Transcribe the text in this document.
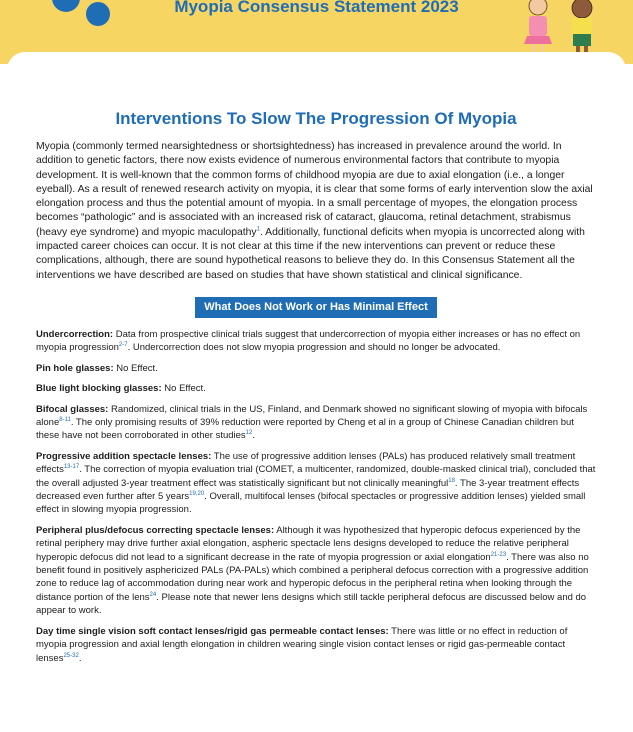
Myopia Consensus Statement 2023
Interventions To Slow The Progression Of Myopia

Myopia (commonly termed nearsightedness or shortsightedness) has increased in prevalence around the world. In addition to genetic factors, there now exists evidence of numerous environmental factors that contribute to myopia development. It is well-known that the common forms of childhood myopia are due to axial elongation (i.e., a longer eyeball). As a result of renewed research activity on myopia, it is clear that some forms of early intervention slow the axial elongation process and thus the potential amount of myopia. In a small percentage of myopes, the elongation process becomes “pathologic” and is associated with an increased risk of cataract, glaucoma, retinal detachment, strabismus (heavy eye syndrome) and myopic maculopathy$^1$. Additionally, functional deficits when myopia is uncorrected along with impacted career choices can occur. It is not clear at this time if the new interventions can prevent or reduce these complications, although, there are sound hypothetical reasons to believe they do. In this Consensus Statement all the interventions we have described are based on studies that have shown statistical and clinical significance.

What Does Not Work or Has Minimal Effect

Undercorrection: Data from prospective clinical trials suggest that undercorrection of myopia either increases or has no effect on myopia progression$^{2-7}$. Undercorrection does not slow myopia progression and should no longer be advocated.

Pin hole glasses: No Effect.

Blue light blocking glasses: No Effect.

Bifocal glasses: Randomized, clinical trials in the US, Finland, and Denmark showed no significant slowing of myopia with bifocals alone$^{8-11}$. The only promising results of 39% reduction were reported by Cheng et al in a group of Chinese Canadian children but these have not been corroborated in other studies$^{12}$.

Progressive addition spectacle lenses: The use of progressive addition lenses (PALs) has produced relatively small treatment effects$^{13-17}$. The correction of myopia evaluation trial (COMET, a multicenter, randomized, double-masked clinical trial), concluded that the overall adjusted 3-year treatment effect was statistically significant but not clinically meaningful$^{18}$. The 3-year treatment effects decreased even further after 5 years$^{19,20}$. Overall, multifocal lenses (bifocal spectacles or progressive addition lenses) yielded small effect in slowing myopia progression.

Peripheral plus/defocus correcting spectacle lenses: Although it was hypothesized that hyperopic defocus experienced by the retinal periphery may drive further axial elongation, aspheric spectacle lens designs developed to reduce the relative peripheral hyperopic defocus did not lead to a significant decrease in the rate of myopia progression or axial elongation$^{21-23}$. There was also no benefit found in positively asphericized PALs (PA-PALs) which combined a peripheral defocus correction with a progressive addition zone to reduce lag of accommodation during near work and hyperopic defocus in the peripheral retina when looking through the distance portion of the lens$^{24}$. Please note that newer lens designs which still tackle peripheral defocus are discussed below and do appear to work.

Day time single vision soft contact lenses/rigid gas permeable contact lenses: There was little or no effect in reduction of myopia progression and axial length elongation in children wearing single vision contact lenses or rigid gas-permeable contact lenses$^{25-32}$.
